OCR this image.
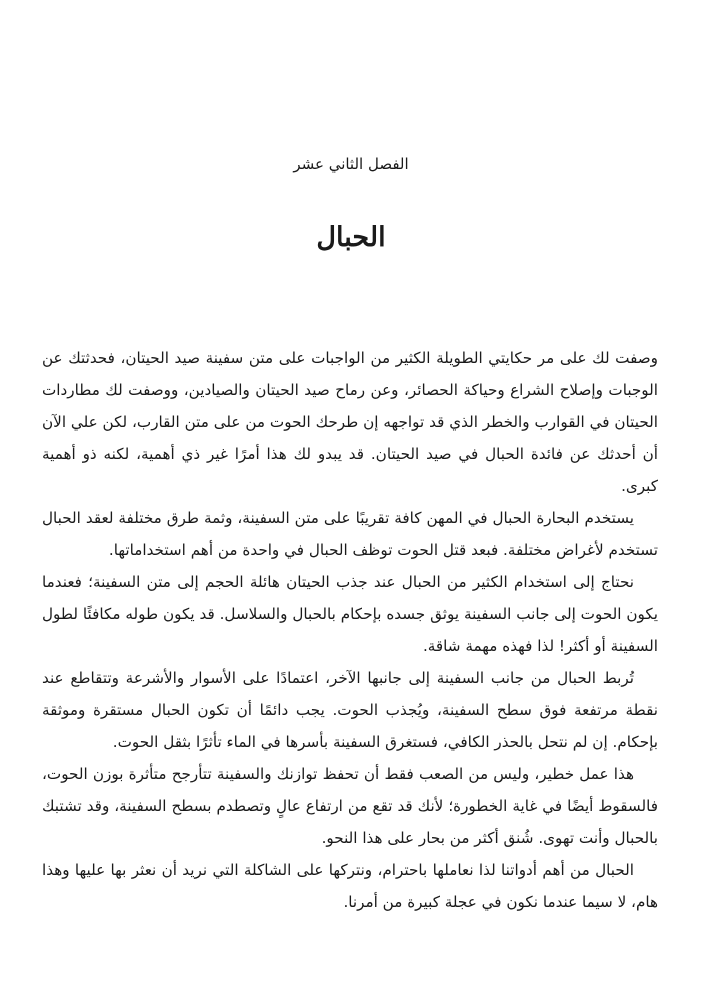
الفصل الثاني عشر
الحبال

وصفت لك على مر حكايتي الطويلة الكثير من الواجبات على متن سفينة صيد الحيتان، فحدثتك عن الوجبات وإصلاح الشراع وحياكة الحصائر، وعن رماح صيد الحيتان والصيادين، ووصفت لك مطاردات الحيتان في القوارب والخطر الذي قد تواجهه إن طرحك الحوت من على متن القارب، لكن علي الآن أن أحدثك عن فائدة الحبال في صيد الحيتان. قد يبدو لك هذا أمرًا غير ذي أهمية، لكنه ذو أهمية كبرى.

يستخدم البحارة الحبال في المهن كافة تقريبًا على متن السفينة، وثمة طرق مختلفة لعقد الحبال تستخدم لأغراض مختلفة. فبعد قتل الحوت توظف الحبال في واحدة من أهم استخداماتها.

نحتاج إلى استخدام الكثير من الحبال عند جذب الحيتان هائلة الحجم إلى متن السفينة؛ فعندما يكون الحوت إلى جانب السفينة يوثق جسده بإحكام بالحبال والسلاسل. قد يكون طوله مكافئًا لطول السفينة أو أكثر! لذا فهذه مهمة شاقة.

تُربط الحبال من جانب السفينة إلى جانبها الآخر، اعتمادًا على الأسوار والأشرعة وتتقاطع عند نقطة مرتفعة فوق سطح السفينة، ويُجذب الحوت. يجب دائمًا أن تكون الحبال مستقرة وموثقة بإحكام. إن لم نتحل بالحذر الكافي، فستغرق السفينة بأسرها في الماء تأثرًا بثقل الحوت.

هذا عمل خطير، وليس من الصعب فقط أن تحفظ توازنك والسفينة تتأرجح متأثرة بوزن الحوت، فالسقوط أيضًا في غاية الخطورة؛ لأنك قد تقع من ارتفاع عالٍ وتصطدم بسطح السفينة، وقد تشتبك بالحبال وأنت تهوى. شُنق أكثر من بحار على هذا النحو.

الحبال من أهم أدواتنا لذا نعاملها باحترام، ونتركها على الشاكلة التي نريد أن نعثر بها عليها وهذا هام، لا سيما عندما نكون في عجلة كبيرة من أمرنا.
